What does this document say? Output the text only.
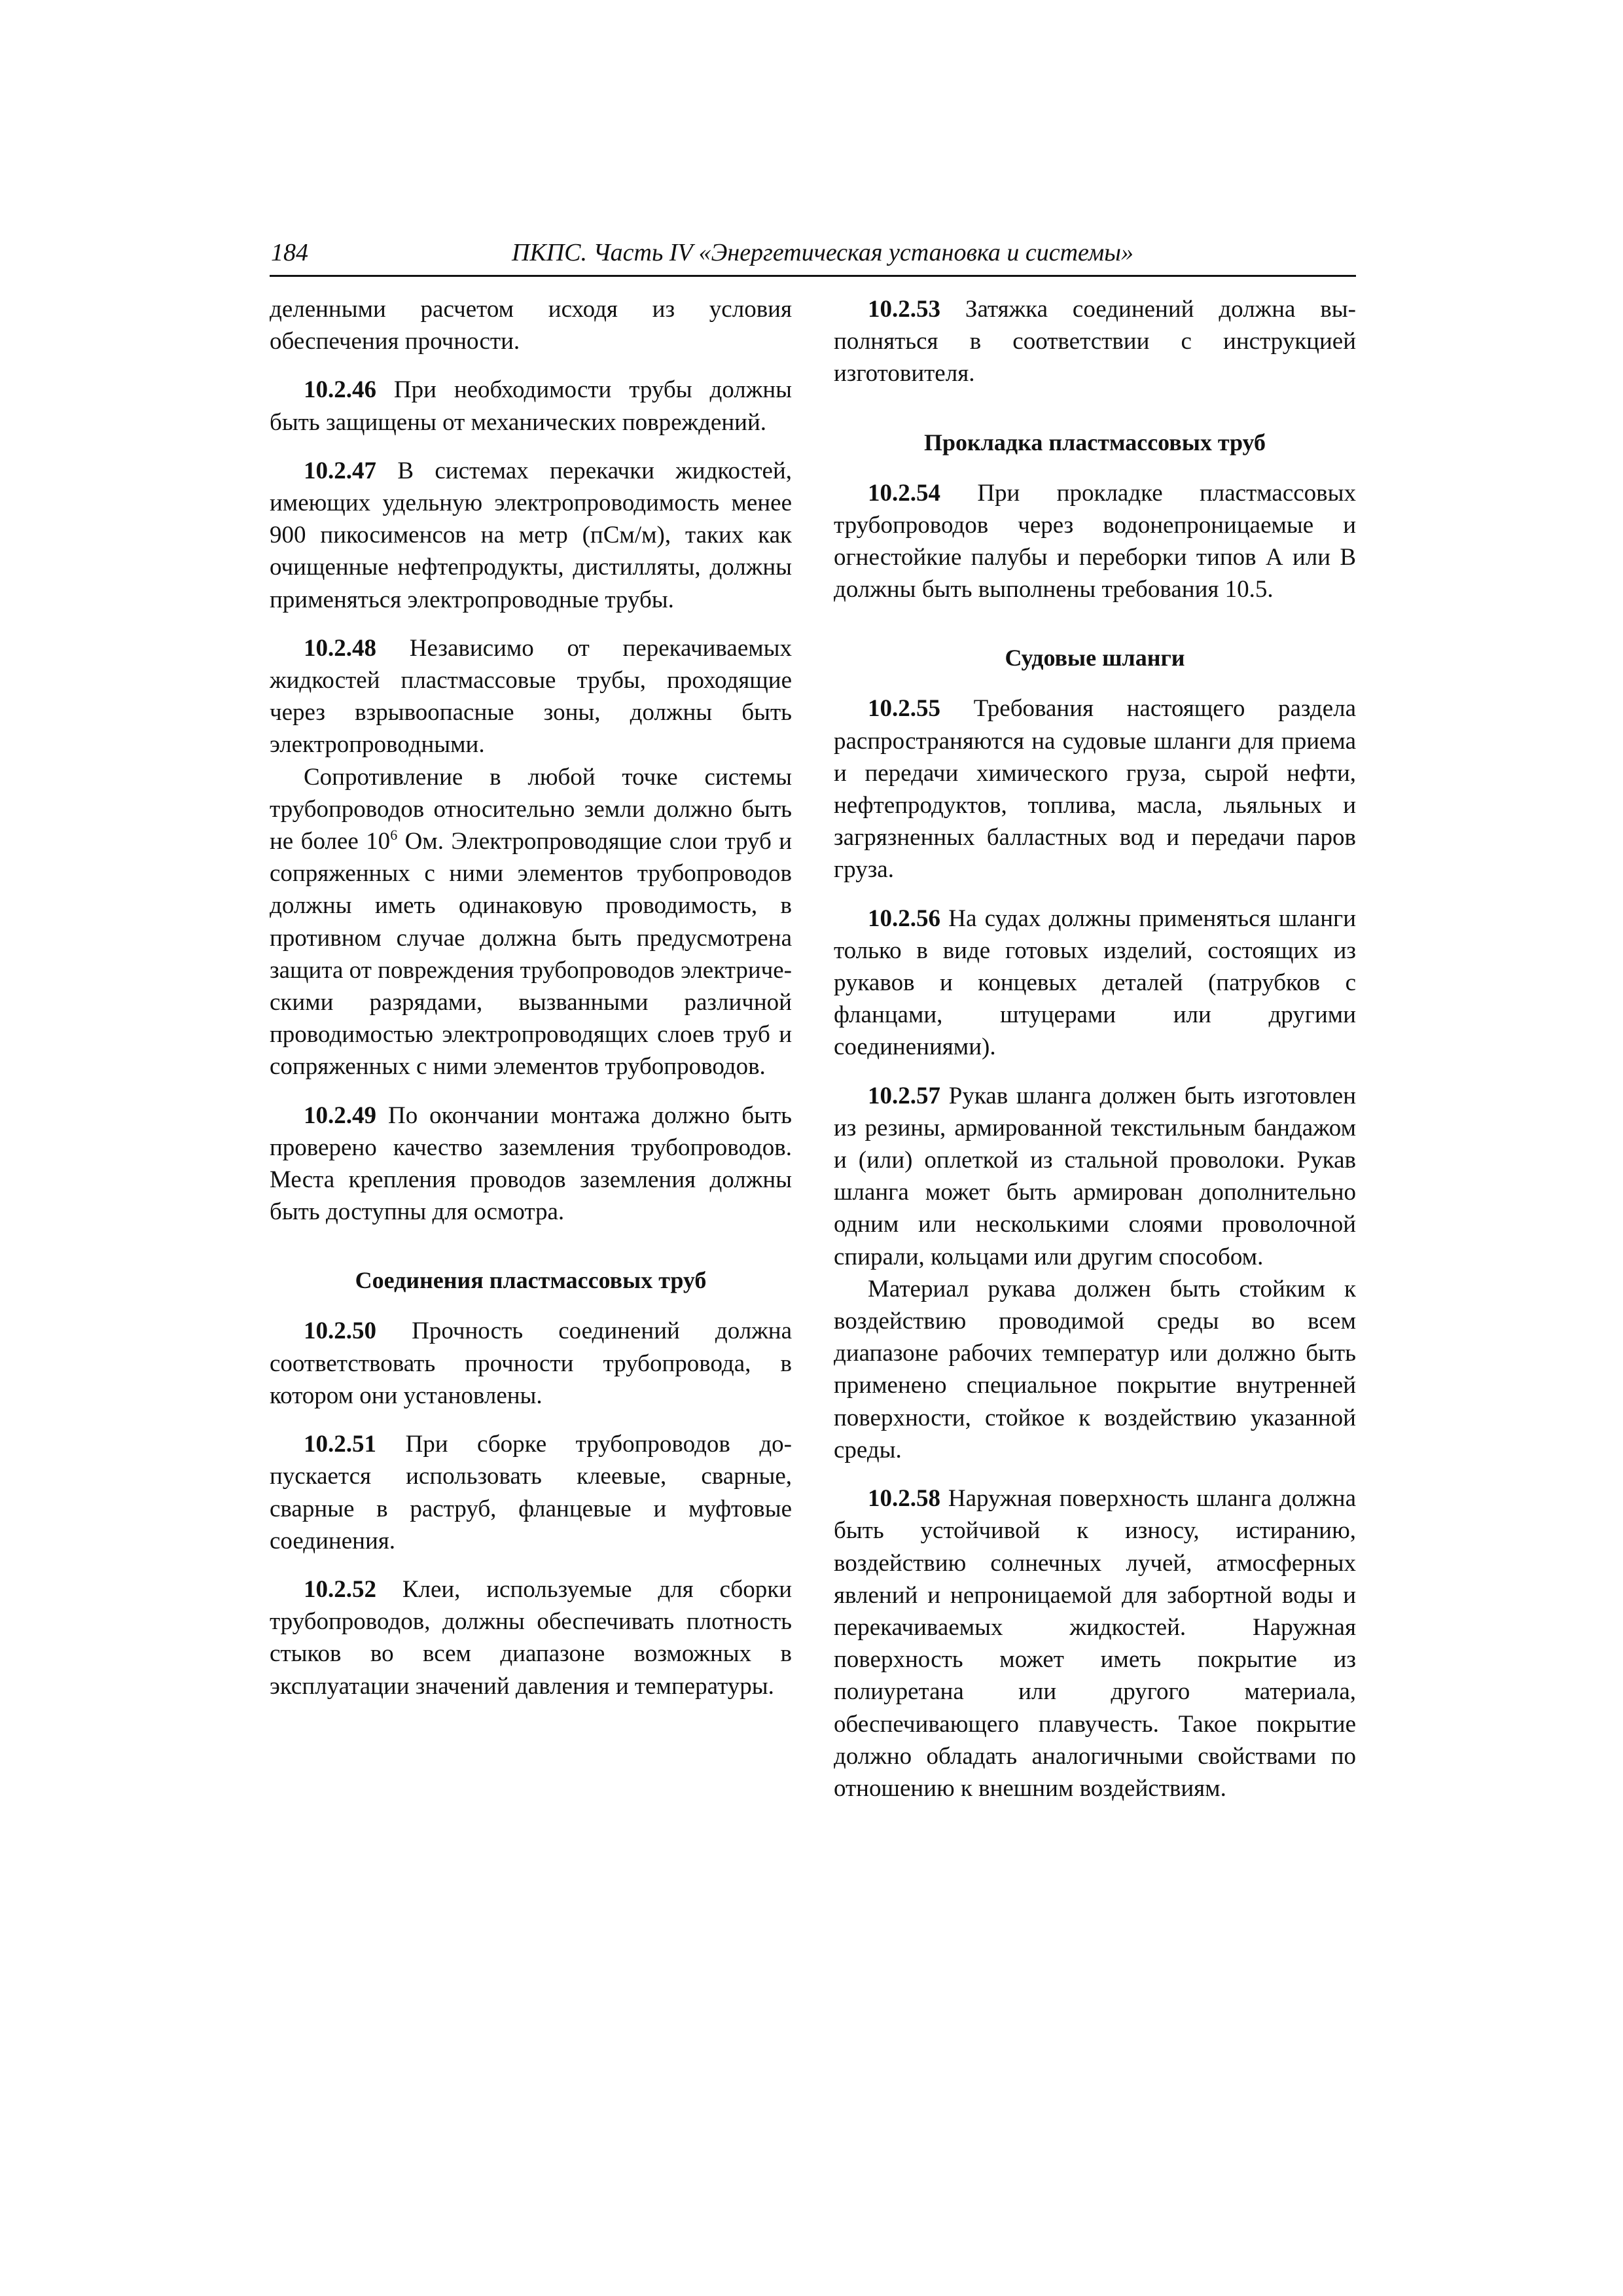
184	ПКПС. Часть IV «Энергетическая установка и системы»

деленными расчетом исходя из условия обеспечения прочности.

10.2.46 При необходимости трубы должны быть защищены от механических повреждений.

10.2.47 В системах перекачки жидкостей, имеющих удельную электропроводимость менее 900 пикосименсов на метр (пСм/м), таких как очищенные нефтепродукты, дистилляты, должны применяться электропроводные трубы.

10.2.48 Независимо от перекачиваемых жидкостей пластмассовые трубы, проходящие через взрывоопасные зоны, должны быть электропроводными.

Сопротивление в любой точке системы трубопроводов относительно земли должно быть не более $10^6$ Ом. Электропроводящие слои труб и сопряженных с ними элементов трубопроводов должны иметь одинаковую проводимость, в противном случае должна быть предусмотрена защита от повреждения трубопроводов электрическими разрядами, вызванными различной проводимостью электропроводящих слоев труб и сопряженных с ними элементов трубопроводов.

10.2.49 По окончании монтажа должно быть проверено качество заземления трубопроводов. Места крепления проводов заземления должны быть доступны для осмотра.

Соединения пластмассовых труб

10.2.50 Прочность соединений должна соответствовать прочности трубопровода, в котором они установлены.

10.2.51 При сборке трубопроводов допускается использовать клеевые, сварные, сварные в раструб, фланцевые и муфтовые соединения.

10.2.52 Клеи, используемые для сборки трубопроводов, должны обеспечивать плотность стыков во всем диапазоне возможных в эксплуатации значений давления и температуры.

10.2.53 Затяжка соединений должна выполняться в соответствии с инструкцией изготовителя.

Прокладка пластмассовых труб

10.2.54 При прокладке пластмассовых трубопроводов через водонепроницаемые и огнестойкие палубы и переборки типов А или В должны быть выполнены требования 10.5.

Судовые шланги

10.2.55 Требования настоящего раздела распространяются на судовые шланги для приема и передачи химического груза, сырой нефти, нефтепродуктов, топлива, масла, льяльных и загрязненных балластных вод и передачи паров груза.

10.2.56 На судах должны применяться шланги только в виде готовых изделий, состоящих из рукавов и концевых деталей (патрубков с фланцами, штуцерами или другими соединениями).

10.2.57 Рукав шланга должен быть изготовлен из резины, армированной текстильным бандажом и (или) оплеткой из стальной проволоки. Рукав шланга может быть армирован дополнительно одним или несколькими слоями проволочной спирали, кольцами или другим способом.

Материал рукава должен быть стойким к воздействию проводимой среды во всем диапазоне рабочих температур или должно быть применено специальное покрытие внутренней поверхности, стойкое к воздействию указанной среды.

10.2.58 Наружная поверхность шланга должна быть устойчивой к износу, истиранию, воздействию солнечных лучей, атмосферных явлений и непроницаемой для забортной воды и перекачиваемых жидкостей. Наружная поверхность может иметь покрытие из полиуретана или другого материала, обеспечивающего плавучесть. Такое покрытие должно обладать аналогичными свойствами по отношению к внешним воздействиям.
